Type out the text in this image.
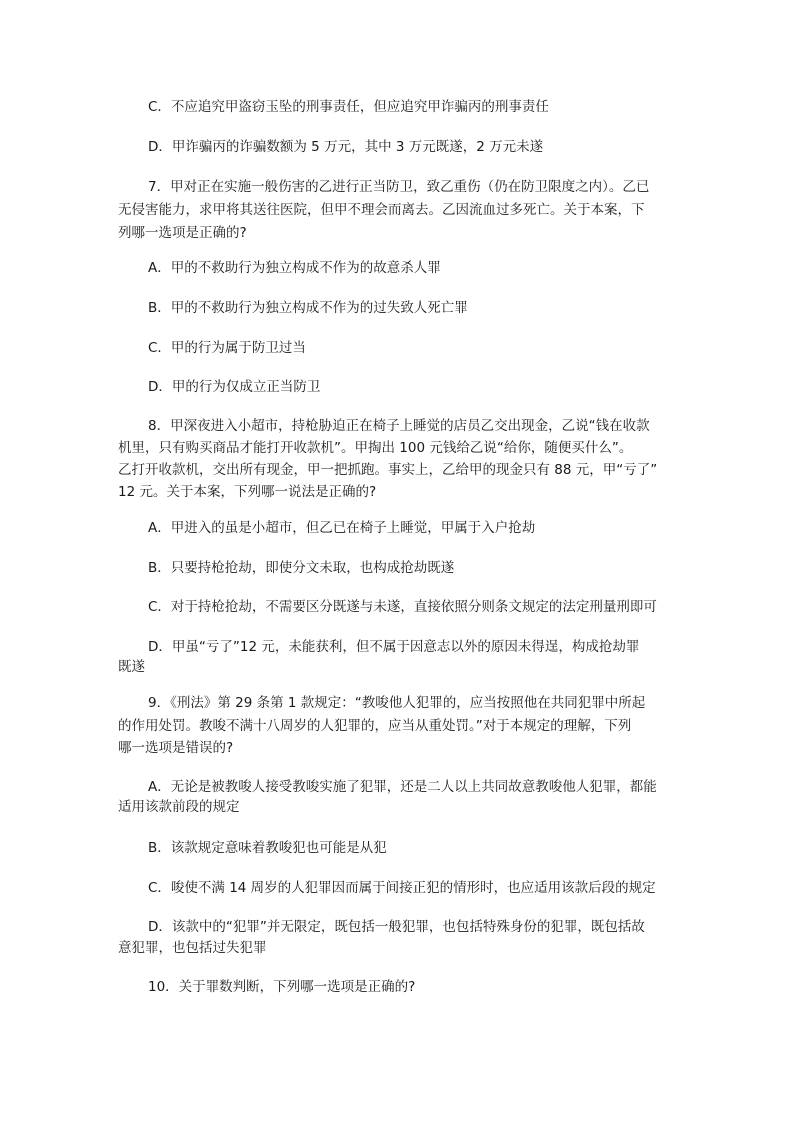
C．不应追究甲盗窃玉坠的刑事责任，但应追究甲诈骗丙的刑事责任
D．甲诈骗丙的诈骗数额为 5 万元，其中 3 万元既遂，2 万元未遂
7．甲对正在实施一般伤害的乙进行正当防卫，致乙重伤（仍在防卫限度之内）。乙已
无侵害能力，求甲将其送往医院，但甲不理会而离去。乙因流血过多死亡。关于本案，下
列哪一选项是正确的?
A．甲的不救助行为独立构成不作为的故意杀人罪
B．甲的不救助行为独立构成不作为的过失致人死亡罪
C．甲的行为属于防卫过当
D．甲的行为仅成立正当防卫
8．甲深夜进入小超市，持枪胁迫正在椅子上睡觉的店员乙交出现金，乙说“钱在收款
机里，只有购买商品才能打开收款机”。甲掏出 100 元钱给乙说“给你，随便买什么”。
乙打开收款机，交出所有现金，甲一把抓跑。事实上，乙给甲的现金只有 88 元，甲“亏了”
12 元。关于本案，下列哪一说法是正确的?
A．甲进入的虽是小超市，但乙已在椅子上睡觉，甲属于入户抢劫
B．只要持枪抢劫，即使分文未取，也构成抢劫既遂
C．对于持枪抢劫，不需要区分既遂与未遂，直接依照分则条文规定的法定刑量刑即可
D．甲虽“亏了”12 元，未能获利，但不属于因意志以外的原因未得逞，构成抢劫罪
既遂
9．《刑法》第 29 条第 1 款规定：“教唆他人犯罪的，应当按照他在共同犯罪中所起
的作用处罚。教唆不满十八周岁的人犯罪的，应当从重处罚。”对于本规定的理解，下列
哪一选项是错误的?
A．无论是被教唆人接受教唆实施了犯罪，还是二人以上共同故意教唆他人犯罪，都能
适用该款前段的规定
B．该款规定意味着教唆犯也可能是从犯
C．唆使不满 14 周岁的人犯罪因而属于间接正犯的情形时，也应适用该款后段的规定
D．该款中的“犯罪”并无限定，既包括一般犯罪，也包括特殊身份的犯罪，既包括故
意犯罪，也包括过失犯罪
10．关于罪数判断，下列哪一选项是正确的?
